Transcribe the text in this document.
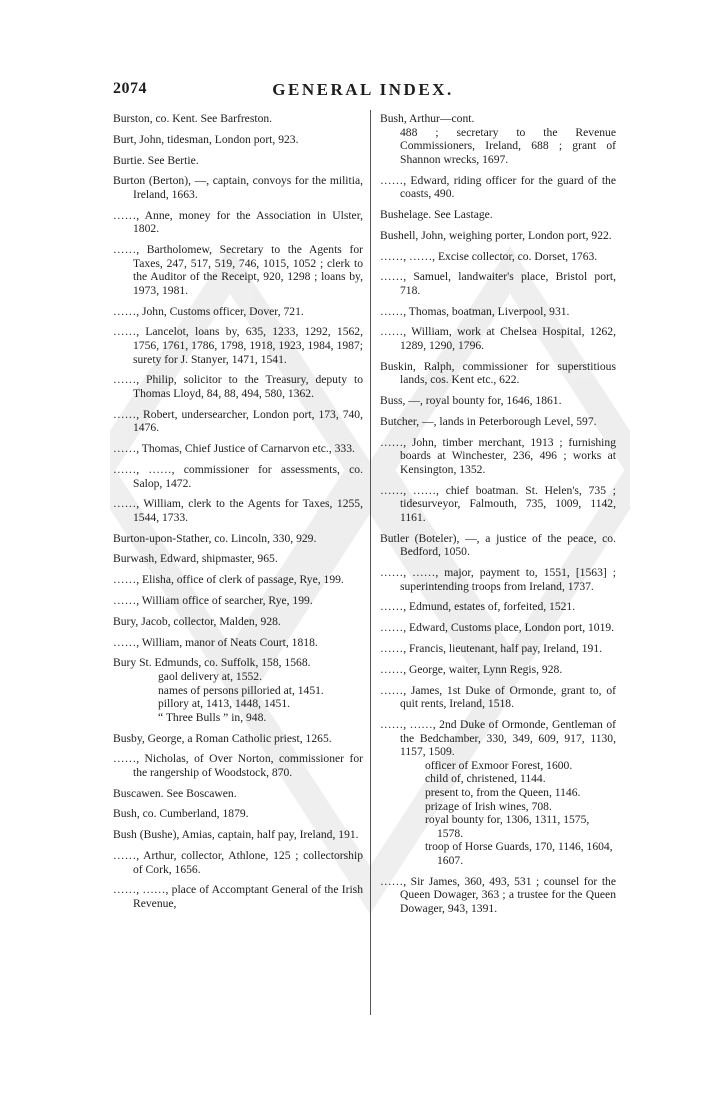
2074	GENERAL INDEX.
Burston, co. Kent. See Barfreston.
Burt, John, tidesman, London port, 923.
Burtie. See Bertie.
Burton (Berton), —, captain, convoys for the militia, Ireland, 1663.
……, Anne, money for the Association in Ulster, 1802.
……, Bartholomew, Secretary to the Agents for Taxes, 247, 517, 519, 746, 1015, 1052 ; clerk to the Auditor of the Receipt, 920, 1298 ; loans by, 1973, 1981.
……, John, Customs officer, Dover, 721.
……, Lancelot, loans by, 635, 1233, 1292, 1562, 1756, 1761, 1786, 1798, 1918, 1923, 1984, 1987; surety for J. Stanyer, 1471, 1541.
……, Philip, solicitor to the Treasury, deputy to Thomas Lloyd, 84, 88, 494, 580, 1362.
……, Robert, undersearcher, London port, 173, 740, 1476.
……, Thomas, Chief Justice of Carnarvon etc., 333.
……, ……, commissioner for assessments, co. Salop, 1472.
……, William, clerk to the Agents for Taxes, 1255, 1544, 1733.
Burton-upon-Stather, co. Lincoln, 330, 929.
Burwash, Edward, shipmaster, 965.
……, Elisha, office of clerk of passage, Rye, 199.
……, William office of searcher, Rye, 199.
Bury, Jacob, collector, Malden, 928.
……, William, manor of Neats Court, 1818.
Bury St. Edmunds, co. Suffolk, 158, 1568.
gaol delivery at, 1552.
names of persons pilloried at, 1451.
pillory at, 1413, 1448, 1451.
“ Three Bulls ” in, 948.
Busby, George, a Roman Catholic priest, 1265.
……, Nicholas, of Over Norton, commissioner for the rangership of Woodstock, 870.
Buscawen. See Boscawen.
Bush, co. Cumberland, 1879.
Bush (Bushe), Amias, captain, half pay, Ireland, 191.
……, Arthur, collector, Athlone, 125 ; collectorship of Cork, 1656.
……, ……, place of Accomptant General of the Irish Revenue,
Bush, Arthur—cont.
488 ; secretary to the Revenue Commissioners, Ireland, 688 ; grant of Shannon wrecks, 1697.
……, Edward, riding officer for the guard of the coasts, 490.
Bushelage. See Lastage.
Bushell, John, weighing porter, London port, 922.
……, ……, Excise collector, co. Dorset, 1763.
……, Samuel, landwaiter's place, Bristol port, 718.
……, Thomas, boatman, Liverpool, 931.
……, William, work at Chelsea Hospital, 1262, 1289, 1290, 1796.
Buskin, Ralph, commissioner for superstitious lands, cos. Kent etc., 622.
Buss, —, royal bounty for, 1646, 1861.
Butcher, —, lands in Peterborough Level, 597.
……, John, timber merchant, 1913 ; furnishing boards at Winchester, 236, 496 ; works at Kensington, 1352.
……, ……, chief boatman. St. Helen's, 735 ; tidesurveyor, Falmouth, 735, 1009, 1142, 1161.
Butler (Boteler), —, a justice of the peace, co. Bedford, 1050.
……, ……, major, payment to, 1551, [1563] ; superintending troops from Ireland, 1737.
……, Edmund, estates of, forfeited, 1521.
……, Edward, Customs place, London port, 1019.
……, Francis, lieutenant, half pay, Ireland, 191.
……, George, waiter, Lynn Regis, 928.
……, James, 1st Duke of Ormonde, grant to, of quit rents, Ireland, 1518.
……, ……, 2nd Duke of Ormonde, Gentleman of the Bedchamber, 330, 349, 609, 917, 1130, 1157, 1509.
officer of Exmoor Forest, 1600.
child of, christened, 1144.
present to, from the Queen, 1146.
prizage of Irish wines, 708.
royal bounty for, 1306, 1311, 1575, 1578.
troop of Horse Guards, 170, 1146, 1604, 1607.
……, Sir James, 360, 493, 531 ; counsel for the Queen Dowager, 363 ; a trustee for the Queen Dowager, 943, 1391.
